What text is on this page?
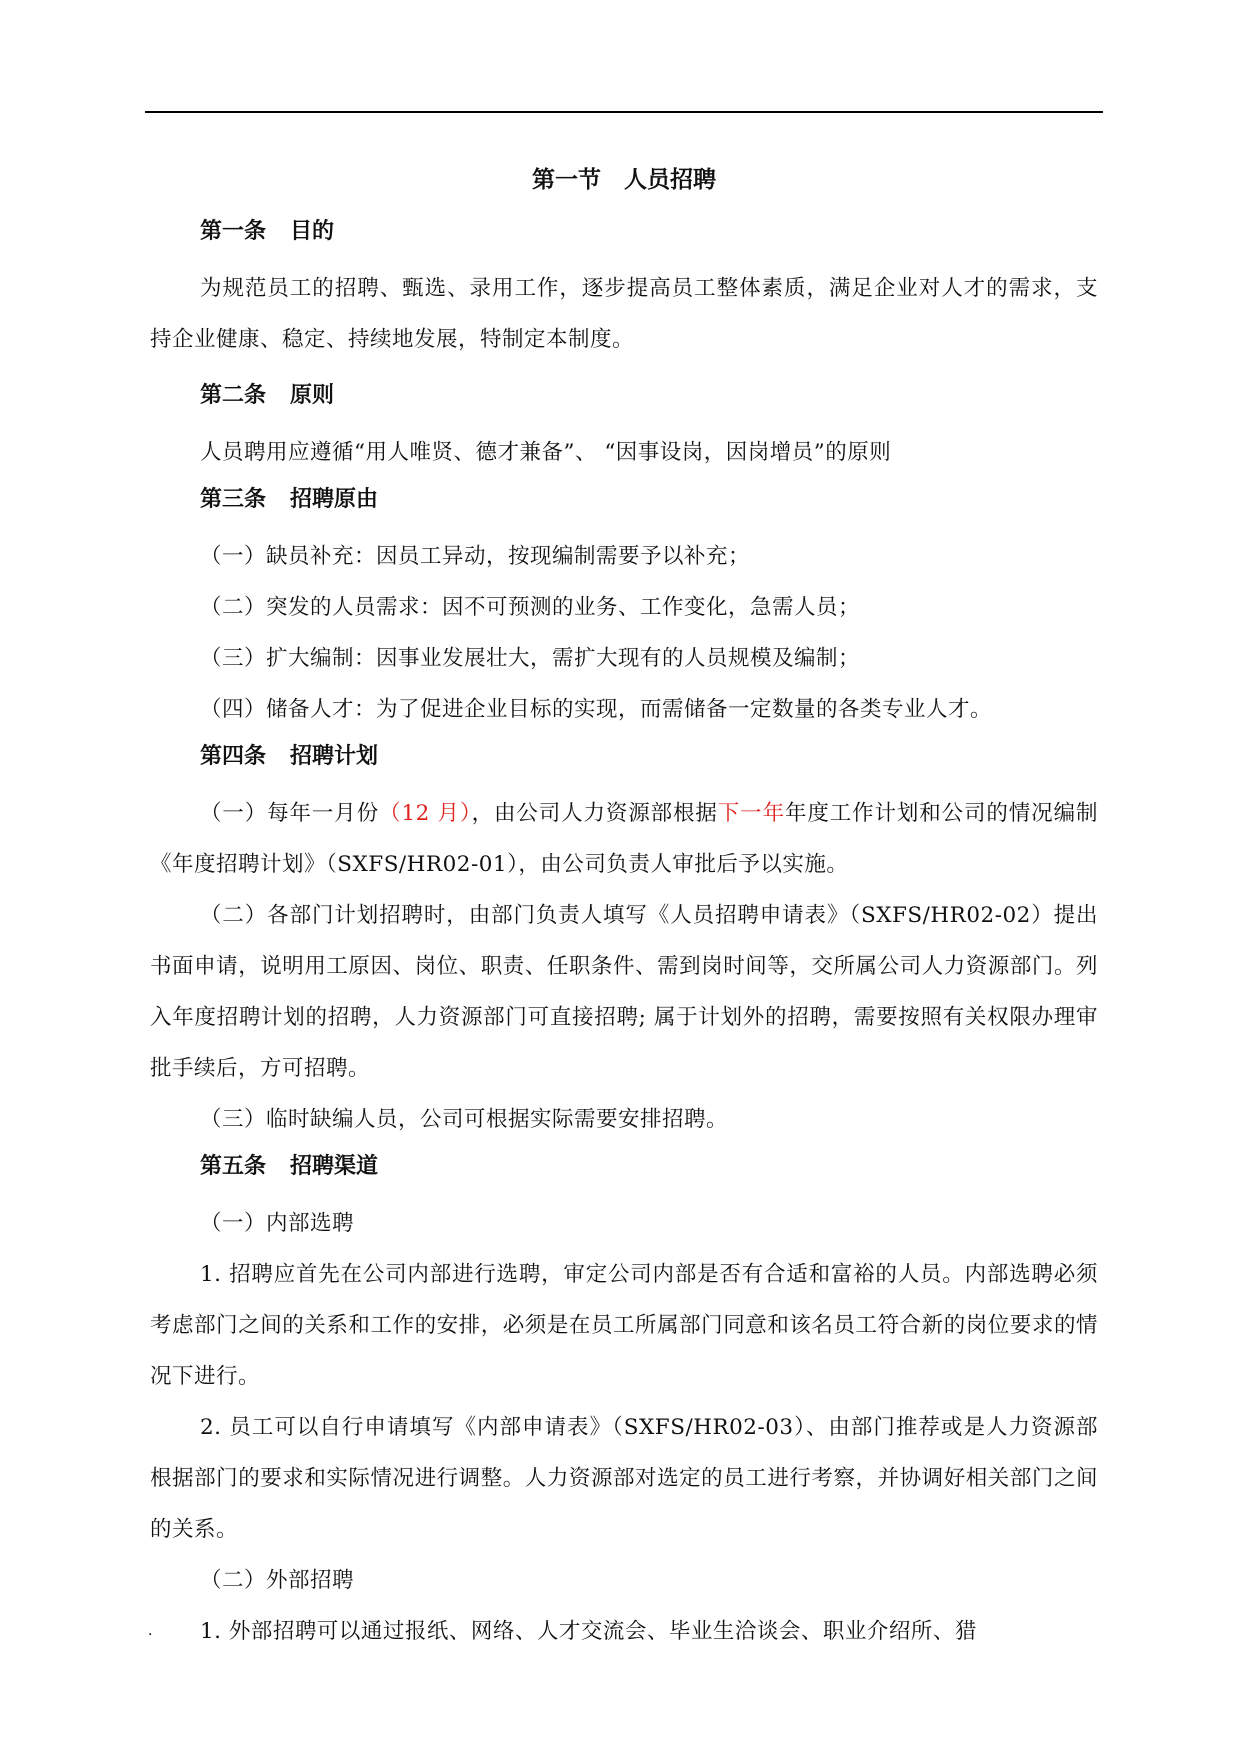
第一节　人员招聘
第一条 目的

为规范员工的招聘、甄选、录用工作，逐步提高员工整体素质，满足企业对人才的需求，支持企业健康、稳定、持续地发展，特制定本制度。

第二条 原则

人员聘用应遵循“用人唯贤、德才兼备”、 “因事设岗，因岗增员”的原则

第三条 招聘原由

（一）缺员补充：因员工异动，按现编制需要予以补充；

（二）突发的人员需求：因不可预测的业务、工作变化，急需人员；

（三）扩大编制：因事业发展壮大，需扩大现有的人员规模及编制；

（四）储备人才：为了促进企业目标的实现，而需储备一定数量的各类专业人才。

第四条 招聘计划

（一）每年一月份（12 月），由公司人力资源部根据下一年年度工作计划和公司的情况编制《年度招聘计划》（SXFS/HR02-01），由公司负责人审批后予以实施。

（二）各部门计划招聘时，由部门负责人填写《人员招聘申请表》（SXFS/HR02-02）提出书面申请，说明用工原因、岗位、职责、任职条件、需到岗时间等，交所属公司人力资源部门。列入年度招聘计划的招聘，人力资源部门可直接招聘; 属于计划外的招聘，需要按照有关权限办理审批手续后，方可招聘。

（三）临时缺编人员，公司可根据实际需要安排招聘。

第五条 招聘渠道

（一）内部选聘

1. 招聘应首先在公司内部进行选聘，审定公司内部是否有合适和富裕的人员。内部选聘必须考虑部门之间的关系和工作的安排，必须是在员工所属部门同意和该名员工符合新的岗位要求的情况下进行。

2. 员工可以自行申请填写《内部申请表》（SXFS/HR02-03）、由部门推荐或是人力资源部根据部门的要求和实际情况进行调整。人力资源部对选定的员工进行考察，并协调好相关部门之间的关系。

（二）外部招聘

1. 外部招聘可以通过报纸、网络、人才交流会、毕业生洽谈会、职业介绍所、猎

.
